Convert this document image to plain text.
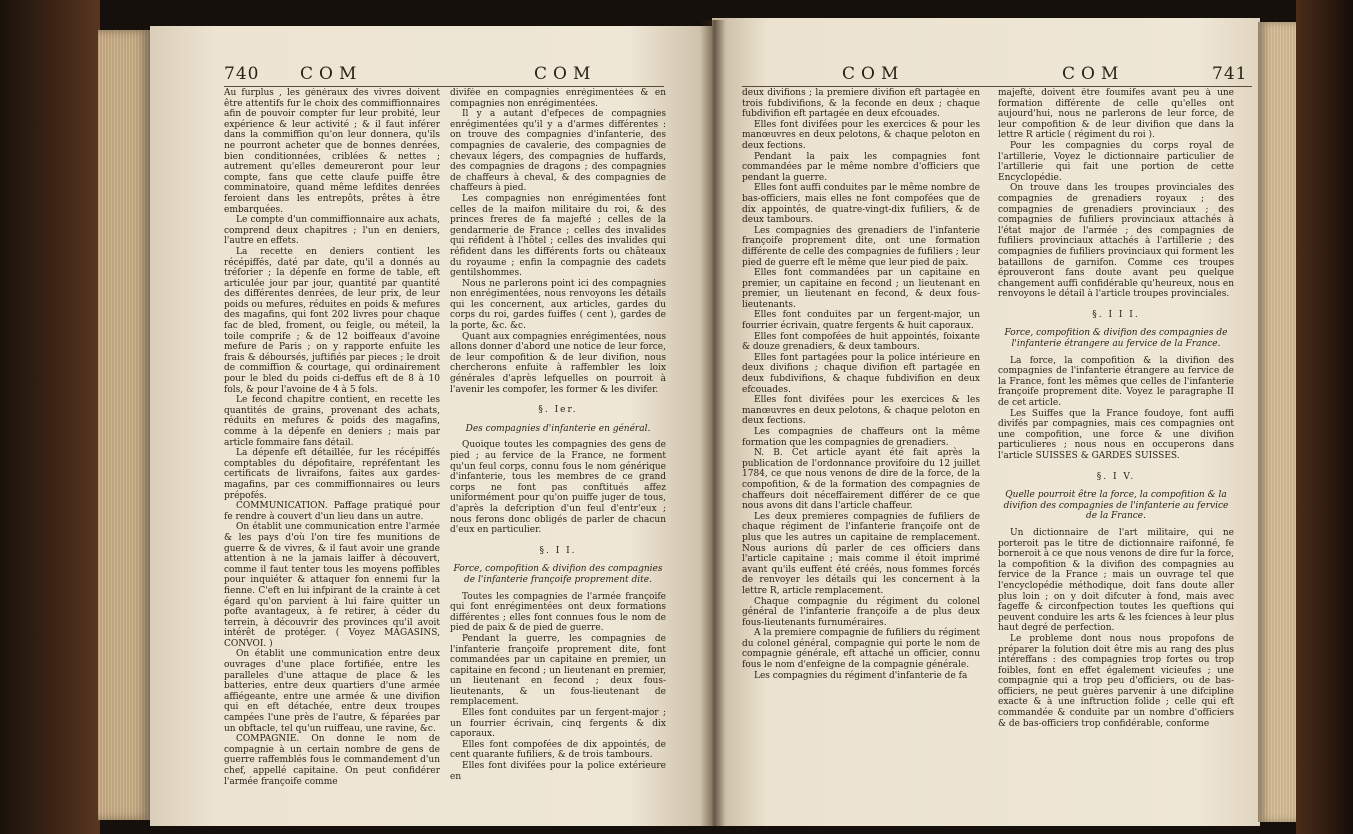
740 COM	COM

Au furplus , les généraux des vivres doivent être attentifs fur le choix des commiffionnaires afin de pouvoir compter fur leur probité, leur expérience & leur activité ; & il faut inférer dans la commiffion qu'on leur donnera, qu'ils ne pourront acheter que de bonnes denrées, bien conditionnées, criblées & nettes ; autrement qu'elles demeureront pour leur compte, fans que cette claufe puiffe être comminatoire, quand même lefdites denrées feroient dans les entrepôts, prêtes à être embarquées.

Le compte d'un commiffionnaire aux achats, comprend deux chapitres ; l'un en deniers, l'autre en effets.

La recette en deniers contient les récépiffés, daté par date, qu'il a donnés au tréforier ; la dépenfe en forme de table, eft articulée jour par jour, quantité par quantité des différentes denrées, de leur prix, de leur poids ou mefures, réduites en poids & mefures des magafins, qui font 202 livres pour chaque fac de bled, froment, ou feigle, ou méteil, la toile comprife ; & de 12 boiffeaux d'avoine mefure de Paris ; on y rapporte enfuite les frais & déboursés, juftifiés par pieces ; le droit de commiffion & courtage, qui ordinairement pour le bled du poids ci-deffus eft de 8 à 10 fols, & pour l'avoine de 4 à 5 fols.

Le fecond chapitre contient, en recette les quantités de grains, provenant des achats, réduits en mefures & poids des magafins, comme à la dépenfe en deniers ; mais par article fommaire fans détail.

La dépenfe eft détaillée, fur les récépiffés comptables du dépofitaire, repréfentant les certificats de livraifons, faites aux gardes-magafins, par ces commiffionnaires ou leurs prépofés.

COMMUNICATION. Paffage pratiqué pour fe rendre à couvert d'un lieu dans un autre.

On établit une communication entre l'armée & les pays d'où l'on tire fes munitions de guerre & de vivres, & il faut avoir une grande attention à ne la jamais laiffer à découvert, comme il faut tenter tous les moyens poffibles pour inquiéter & attaquer fon ennemi fur la fienne. C'eft en lui infpirant de la crainte à cet égard qu'on parvient à lui faire quitter un pofte avantageux, à fe retirer, à céder du terrein, à découvrir des provinces qu'il avoit intérêt de protéger. ( Voyez MAGASINS, CONVOI. )

On établit une communication entre deux ouvrages d'une place fortifiée, entre les paralleles d'une attaque de place & les batteries, entre deux quartiers d'une armée affiégeante, entre une armée & une divifion qui en eft détachée, entre deux troupes campées l'une près de l'autre, & féparées par un obftacle, tel qu'un ruiffeau, une ravine, &c.

COMPAGNIE. On donne le nom de compagnie à un certain nombre de gens de guerre raffemblés fous le commandement d'un chef, appellé capitaine. On peut confidérer l'armée françoife comme

divifée en compagnies enrégimentées & en compagnies non enrégimentées.

Il y a autant d'efpeces de compagnies enrégimentées qu'il y a d'armes différentes : on trouve des compagnies d'infanterie, des compagnies de cavalerie, des compagnies de chevaux légers, des compagnies de huffards, des compagnies de dragons ; des compagnies de chaffeurs à cheval, & des compagnies de chaffeurs à pied.

Les compagnies non enrégimentées font celles de la maifon militaire du roi, & des princes freres de fa majefté ; celles de la gendarmerie de France ; celles des invalides qui réfident à l'hôtel ; celles des invalides qui réfident dans les différents forts ou châteaux du royaume ; enfin la compagnie des cadets gentilshommes.

Nous ne parlerons point ici des compagnies non enrégimentées, nous renvoyons les détails qui les concernent, aux articles, gardes du corps du roi, gardes fuiffes ( cent ), gardes de la porte, &c. &c.

Quant aux compagnies enrégimentées, nous allons donner d'abord une notice de leur force, de leur compofition & de leur divifion, nous chercherons enfuite à raffembler les loix générales d'après lefquelles on pourroit à l'avenir les compofer, les former & les divifer.

§. Ier.

Des compagnies d'infanterie en général.

Quoique toutes les compagnies des gens de pied ; au fervice de la France, ne forment qu'un feul corps, connu fous le nom générique d'infanterie, tous les membres de ce grand corps ne font pas conftitués affez uniformément pour qu'on puiffe juger de tous, d'après la defcription d'un feul d'entr'eux ; nous ferons donc obligés de parler de chacun d'eux en particulier.

§. I I.

Force, compofition & divifion des compagnies de l'infanterie françoife proprement dite.

Toutes les compagnies de l'armée françoife qui font enrégimentées ont deux formations différentes ; elles font connues fous le nom de pied de paix & de pied de guerre.

Pendant la guerre, les compagnies de l'infanterie françoife proprement dite, font commandées par un capitaine en premier, un capitaine en fecond ; un lieutenant en premier, un lieutenant en fecond ; deux fous-lieutenants, & un fous-lieutenant de remplacement.

Elles font conduites par un fergent-major ; un fourrier écrivain, cinq fergents & dix caporaux.

Elles font compofées de dix appointés, de cent quarante fufiliers, & de trois tambours.

Elles font divifées pour la police extérieure en

COM	COM	741

deux divifions ; la premiere divifion eft partagée en trois fubdivifions, & la feconde en deux ; chaque fubdivifion eft partagée en deux efcouades.

Elles font divifées pour les exercices & pour les manœuvres en deux pelotons, & chaque peloton en deux fections.

Pendant la paix les compagnies font commandées par le même nombre d'officiers que pendant la guerre.

Elles font auffi conduites par le même nombre de bas-officiers, mais elles ne font compofées que de dix appointés, de quatre-vingt-dix fufiliers, & de deux tambours.

Les compagnies des grenadiers de l'infanterie françoife proprement dite, ont une formation différente de celle des compagnies de fufiliers ; leur pied de guerre eft le même que leur pied de paix.

Elles font commandées par un capitaine en premier, un capitaine en fecond ; un lieutenant en premier, un lieutenant en fecond, & deux fous-lieutenants.

Elles font conduites par un fergent-major, un fourrier écrivain, quatre fergents & huit caporaux.

Elles font compofées de huit appointés, foixante & douze grenadiers, & deux tambours.

Elles font partagées pour la police intérieure en deux divifions ; chaque divifion eft partagée en deux fubdivifions, & chaque fubdivifion en deux efcouades.

Elles font divifées pour les exercices & les manœuvres en deux pelotons, & chaque peloton en deux fections.

Les compagnies de chaffeurs ont la même formation que les compagnies de grenadiers.

N. B. Cet article ayant été fait après la publication de l'ordonnance provifoire du 12 juillet 1784, ce que nous venons de dire de la force, de la compofition, & de la formation des compagnies de chaffeurs doit néceffairement différer de ce que nous avons dit dans l'article chaffeur.

Les deux premieres compagnies de fufiliers de chaque régiment de l'infanterie françoife ont de plus que les autres un capitaine de remplacement. Nous aurions dû parler de ces officiers dans l'article capitaine ; mais comme il étoit imprimé avant qu'ils euffent été créés, nous fommes forcés de renvoyer les détails qui les concernent à la lettre R, article remplacement.

Chaque compagnie du régiment du colonel général de l'infanterie françoife a de plus deux fous-lieutenants furnuméraires.

A la premiere compagnie de fufiliers du régiment du colonel général, compagnie qui porte le nom de compagnie générale, eft attaché un officier, connu fous le nom d'enfeigne de la compagnie générale.

Les compagnies du régiment d'infanterie de fa

majefté, doivent être foumifes avant peu à une formation différente de celle qu'elles ont aujourd'hui, nous ne parlerons de leur force, de leur compofition & de leur divifion que dans la lettre R article ( régiment du roi ).

Pour les compagnies du corps royal de l'artillerie, Voyez le dictionnaire particulier de l'artillerie qui fait une portion de cette Encyclopédie.

On trouve dans les troupes provinciales des compagnies de grenadiers royaux ; des compagnies de grenadiers provinciaux ; des compagnies de fufiliers provinciaux attachés à l'état major de l'armée ; des compagnies de fufiliers provinciaux attachés à l'artillerie ; des compagnies de fufiliers provinciaux qui forment les bataillons de garnifon. Comme ces troupes éprouveront fans doute avant peu quelque changement auffi confidérable qu'heureux, nous en renvoyons le détail à l'article troupes provinciales.

§. I I I.

Force, compofition & divifion des compagnies de l'infanterie étrangere au fervice de la France.

La force, la compofition & la divifion des compagnies de l'infanterie étrangere au fervice de la France, font les mêmes que celles de l'infanterie françoife proprement dite. Voyez le paragraphe II de cet article.

Les Suiffes que la France foudoye, font auffi divifés par compagnies, mais ces compagnies ont une compofition, une force & une divifion particulieres ; nous nous en occuperons dans l'article SUISSES & GARDES SUISSES.

§. I V.

Quelle pourroit être la force, la compofition & la divifion des compagnies de l'infanterie au fervice de la France.

Un dictionnaire de l'art militaire, qui ne porteroit pas le titre de dictionnaire raifonné, fe borneroit à ce que nous venons de dire fur la force, la compofition & la divifion des compagnies au fervice de la France ; mais un ouvrage tel que l'encyclopédie méthodique, doit fans doute aller plus loin ; on y doit difcuter à fond, mais avec fageffe & circonfpection toutes les queftions qui peuvent conduire les arts & les fciences à leur plus haut degré de perfection.

Le probleme dont nous nous propofons de préparer la folution doit être mis au rang des plus intéreffans : des compagnies trop fortes ou trop foibles, font en effet également vicieufes ; une compagnie qui a trop peu d'officiers, ou de bas-officiers, ne peut guères parvenir à une difcipline exacte & à une inftruction folide ; celle qui eft commandée & conduite par un nombre d'officiers & de bas-officiers trop confidérable, conforme
